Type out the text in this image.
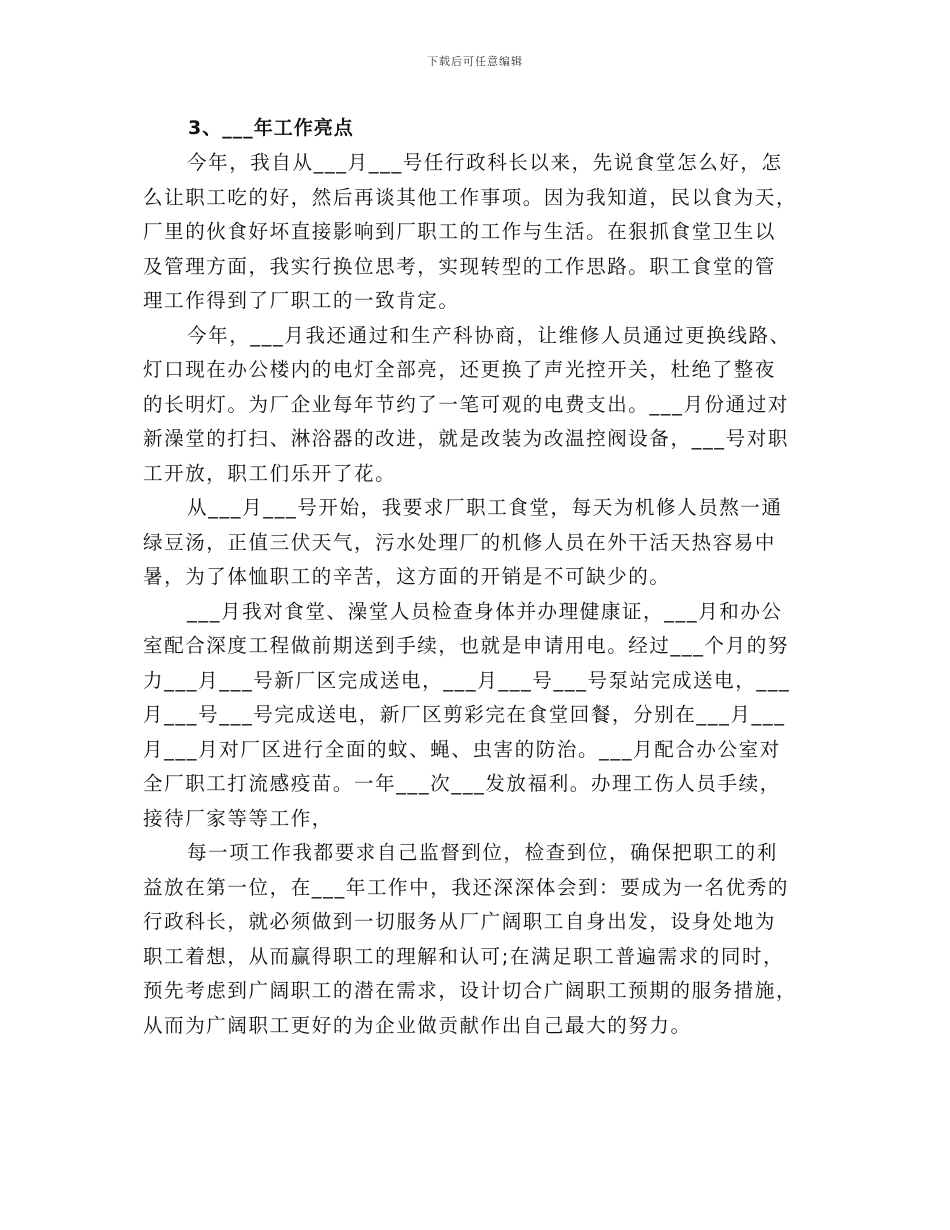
下载后可任意编辑
3、___年工作亮点

今年，我自从___月___号任行政科长以来，先说食堂怎么好，怎
么让职工吃的好，然后再谈其他工作事项。因为我知道，民以食为天，
厂里的伙食好坏直接影响到厂职工的工作与生活。在狠抓食堂卫生以
及管理方面，我实行换位思考，实现转型的工作思路。职工食堂的管
理工作得到了厂职工的一致肯定。

今年，___月我还通过和生产科协商，让维修人员通过更换线路、
灯口现在办公楼内的电灯全部亮，还更换了声光控开关，杜绝了整夜
的长明灯。为厂企业每年节约了一笔可观的电费支出。___月份通过对
新澡堂的打扫、淋浴器的改进，就是改装为改温控阀设备，___号对职
工开放，职工们乐开了花。

从___月___号开始，我要求厂职工食堂，每天为机修人员熬一通
绿豆汤，正值三伏天气，污水处理厂的机修人员在外干活天热容易中
暑，为了体恤职工的辛苦，这方面的开销是不可缺少的。

___月我对食堂、澡堂人员检查身体并办理健康证，___月和办公
室配合深度工程做前期送到手续，也就是申请用电。经过___个月的努
力___月___号新厂区完成送电，___月___号___号泵站完成送电，___
月___号___号完成送电，新厂区剪彩完在食堂回餐，分别在___月___
月___月对厂区进行全面的蚊、蝇、虫害的防治。___月配合办公室对
全厂职工打流感疫苗。一年___次___发放福利。办理工伤人员手续，
接待厂家等等工作，

每一项工作我都要求自己监督到位，检查到位，确保把职工的利
益放在第一位，在___年工作中，我还深深体会到：要成为一名优秀的
行政科长，就必须做到一切服务从厂广阔职工自身出发，设身处地为
职工着想，从而赢得职工的理解和认可;在满足职工普遍需求的同时，
预先考虑到广阔职工的潜在需求，设计切合广阔职工预期的服务措施，
从而为广阔职工更好的为企业做贡献作出自己最大的努力。
